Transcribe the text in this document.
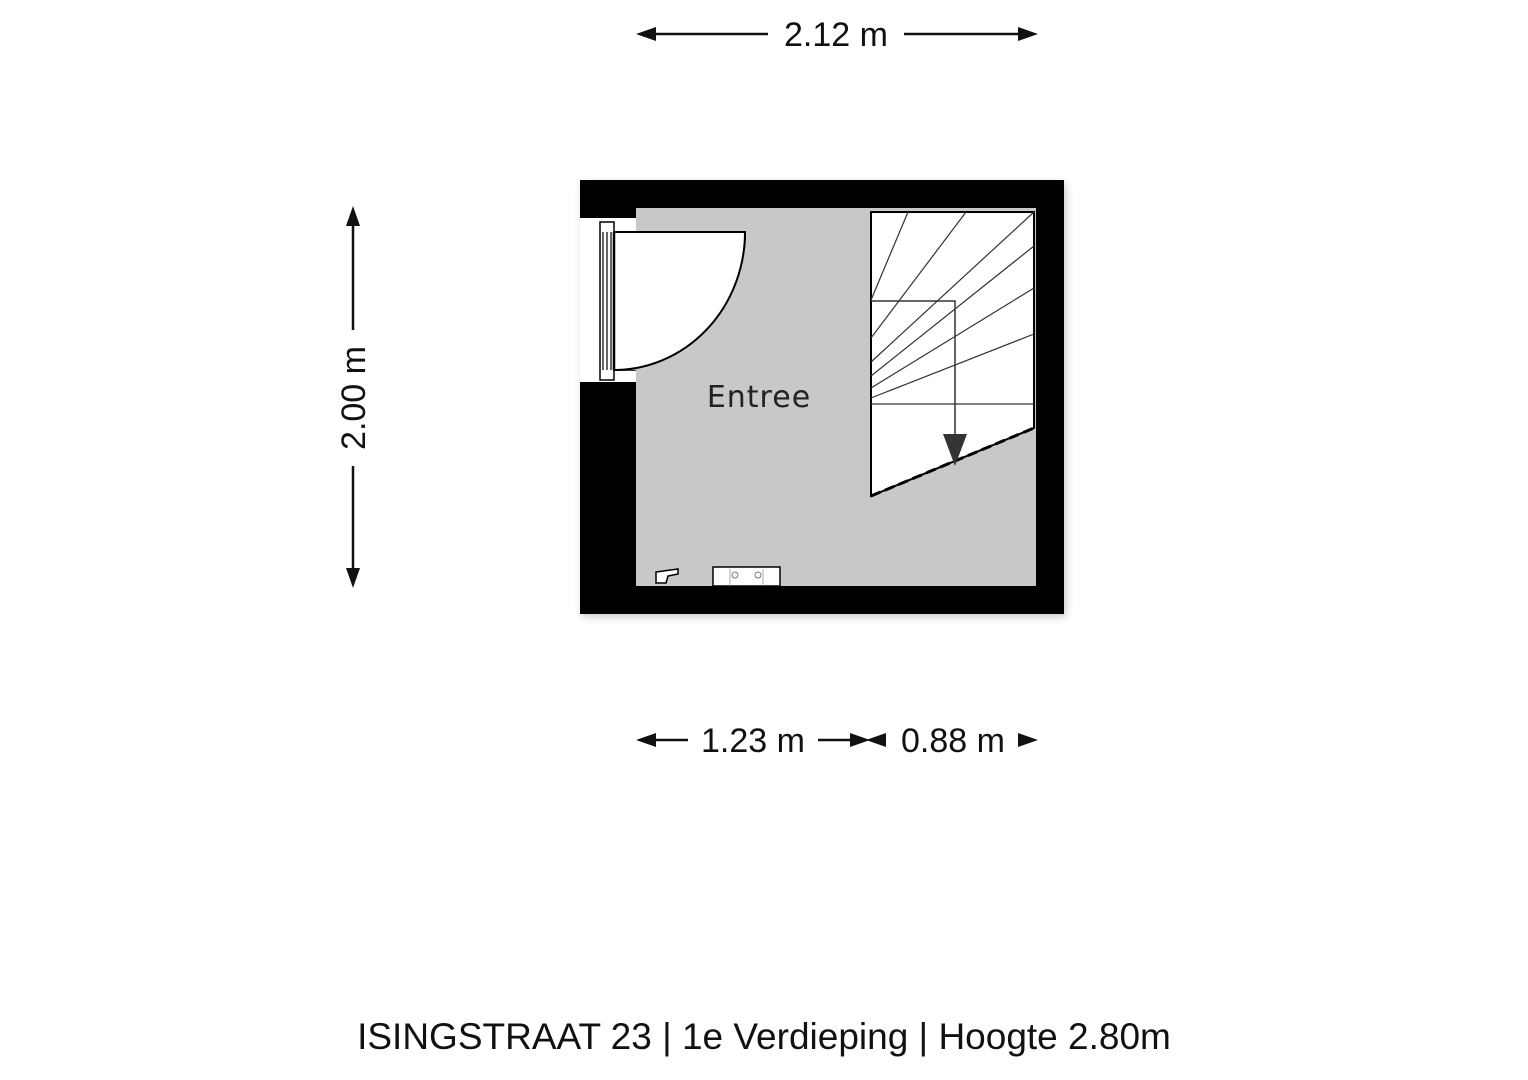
2.12 m
2.00 m	Entree
1.23 m	0.88 m
ISINGSTRAAT 23 | 1e Verdieping | Hoogte 2.80m
